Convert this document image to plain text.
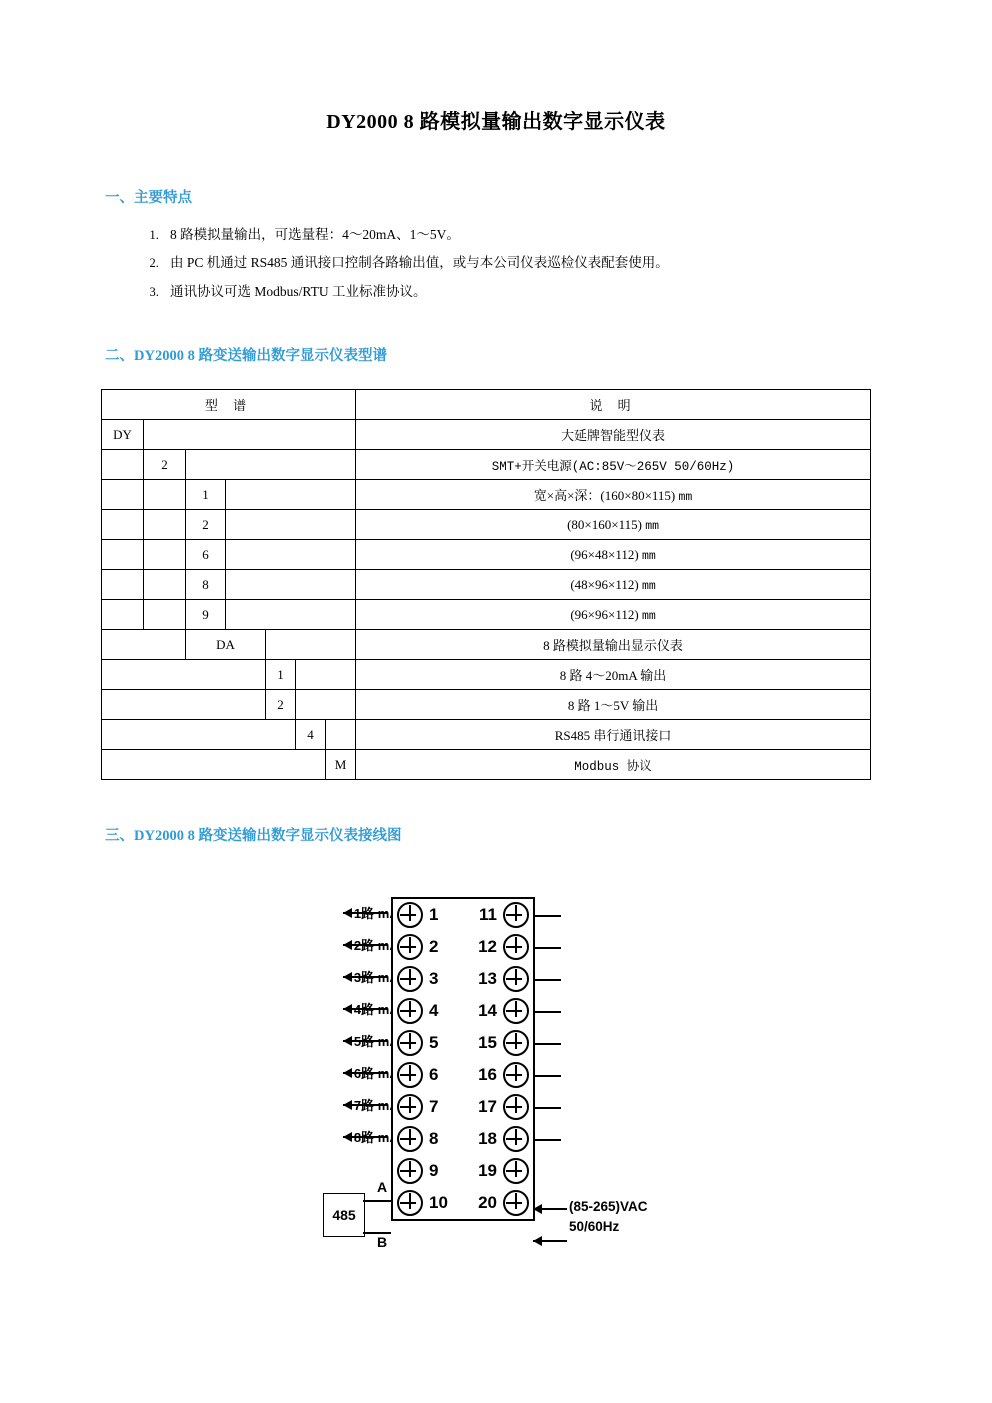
DY2000 8 路模拟量输出数字显示仪表
一、主要特点
1. 8 路模拟量输出，可选量程：4～20mA、1～5V。
2. 由 PC 机通过 RS485 通讯接口控制各路输出值，或与本公司仪表巡检仪表配套使用。
3. 通讯协议可选 Modbus/RTU 工业标准协议。
二、DY2000 8 路变送输出数字显示仪表型谱
型 谱							说 明
DY							大延牌智能型仪表
	2						SMT+开关电源(AC:85V～265V 50/60Hz)
		1					宽×高×深：(160×80×115) mm
		2					(80×160×115) mm
		6					(96×48×112) mm
		8					(48×96×112) mm
		9					(96×96×112) mm
		DA					8 路模拟量输出显示仪表
				1			8 路 4～20mA 输出
				2			8 路 1～5V 输出
					4		RS485 串行通讯接口
						M	Modbus 协议
三、DY2000 8 路变送输出数字显示仪表接线图
1	11
2	12
3	13
4	14
5	15
6	16
7	17
8	18
9	19
10	20
485
A
B
(85-265)VAC
50/60Hz
